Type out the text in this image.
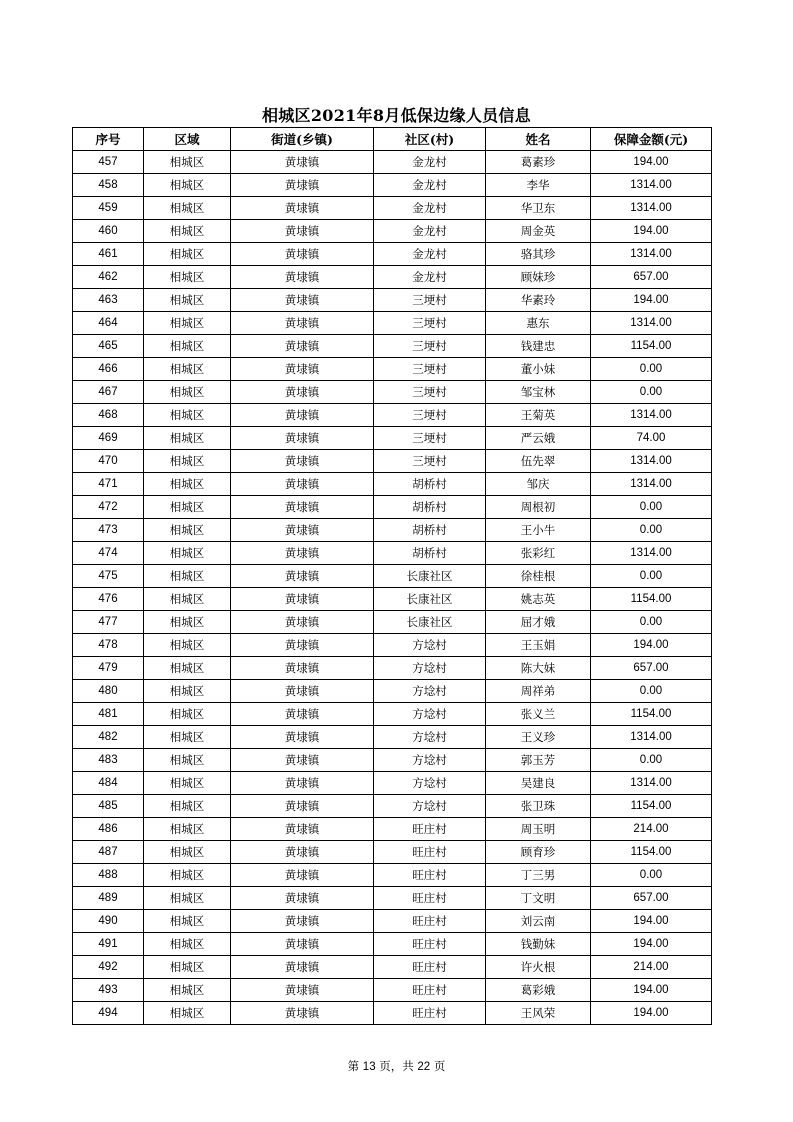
相城区2021年8月低保边缘人员信息
序号	区域	街道(乡镇)	社区(村)	姓名	保障金额(元)
457	相城区	黄埭镇	金龙村	葛素珍	194.00
458	相城区	黄埭镇	金龙村	李华	1314.00
459	相城区	黄埭镇	金龙村	华卫东	1314.00
460	相城区	黄埭镇	金龙村	周金英	194.00
461	相城区	黄埭镇	金龙村	骆其珍	1314.00
462	相城区	黄埭镇	金龙村	顾妹珍	657.00
463	相城区	黄埭镇	三埂村	华素玲	194.00
464	相城区	黄埭镇	三埂村	惠东	1314.00
465	相城区	黄埭镇	三埂村	钱建忠	1154.00
466	相城区	黄埭镇	三埂村	董小妹	0.00
467	相城区	黄埭镇	三埂村	邹宝林	0.00
468	相城区	黄埭镇	三埂村	王菊英	1314.00
469	相城区	黄埭镇	三埂村	严云娥	74.00
470	相城区	黄埭镇	三埂村	伍先翠	1314.00
471	相城区	黄埭镇	胡桥村	邹庆	1314.00
472	相城区	黄埭镇	胡桥村	周根初	0.00
473	相城区	黄埭镇	胡桥村	王小牛	0.00
474	相城区	黄埭镇	胡桥村	张彩红	1314.00
475	相城区	黄埭镇	长康社区	徐桂根	0.00
476	相城区	黄埭镇	长康社区	姚志英	1154.00
477	相城区	黄埭镇	长康社区	屈才娥	0.00
478	相城区	黄埭镇	方埝村	王玉娟	194.00
479	相城区	黄埭镇	方埝村	陈大妹	657.00
480	相城区	黄埭镇	方埝村	周祥弟	0.00
481	相城区	黄埭镇	方埝村	张义兰	1154.00
482	相城区	黄埭镇	方埝村	王义珍	1314.00
483	相城区	黄埭镇	方埝村	郭玉芳	0.00
484	相城区	黄埭镇	方埝村	吴建良	1314.00
485	相城区	黄埭镇	方埝村	张卫珠	1154.00
486	相城区	黄埭镇	旺庄村	周玉明	214.00
487	相城区	黄埭镇	旺庄村	顾育珍	1154.00
488	相城区	黄埭镇	旺庄村	丁三男	0.00
489	相城区	黄埭镇	旺庄村	丁文明	657.00
490	相城区	黄埭镇	旺庄村	刘云南	194.00
491	相城区	黄埭镇	旺庄村	钱勤妹	194.00
492	相城区	黄埭镇	旺庄村	许火根	214.00
493	相城区	黄埭镇	旺庄村	葛彩娥	194.00
494	相城区	黄埭镇	旺庄村	王风荣	194.00
第 13 页，共 22 页
